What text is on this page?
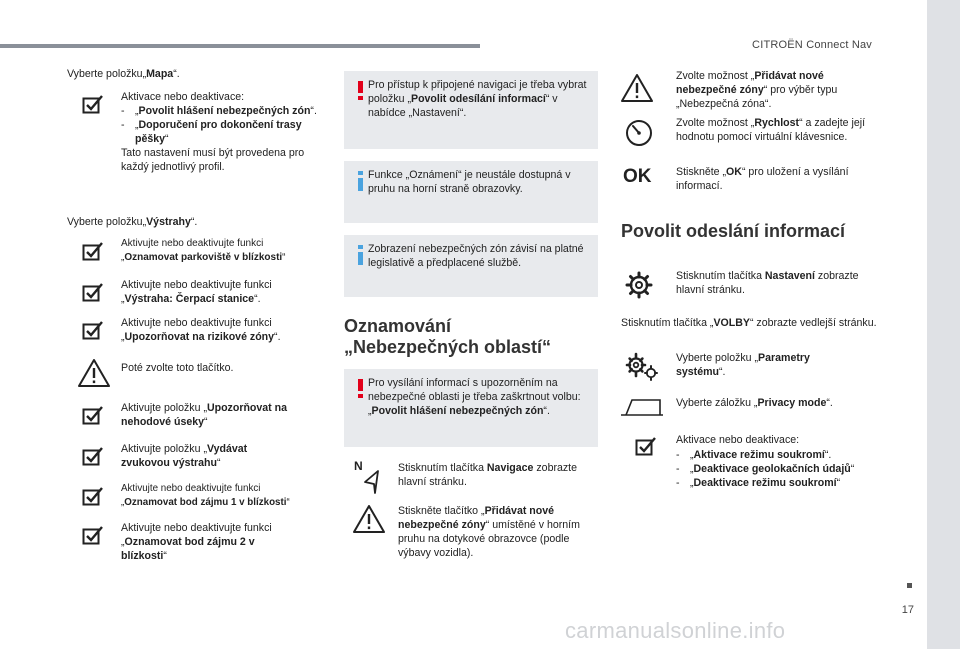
CITROËN Connect Nav
17
carmanualsonline.info
Vyberte položku„Mapa“.
Aktivace nebo deaktivace:
- „Povolit hlášení nebezpečných zón“.
- „Doporučení pro dokončení trasy pěšky“
Tato nastavení musí být provedena pro každý jednotlivý profil.
Vyberte položku„Výstrahy“.
Aktivujte nebo deaktivujte funkci
„Oznamovat parkoviště v blízkosti“
Aktivujte nebo deaktivujte funkci
„Výstraha: Čerpací stanice“.
Aktivujte nebo deaktivujte funkci
„Upozorňovat na rizikové zóny“.
Poté zvolte toto tlačítko.
Aktivujte položku „Upozorňovat na nehodové úseky“
Aktivujte položku „Vydávat zvukovou výstrahu“
Aktivujte nebo deaktivujte funkci
„Oznamovat bod zájmu 1 v blízkosti“
Aktivujte nebo deaktivujte funkci
„Oznamovat bod zájmu 2 v blízkosti“
Pro přístup k připojené navigaci je třeba vybrat položku „Povolit odesílání informací“ v nabídce „Nastavení“.
Funkce „Oznámení“ je neustále dostupná v pruhu na horní straně obrazovky.
Zobrazení nebezpečných zón závisí na platné legislativě a předplacené službě.
Oznamování
„Nebezpečných oblastí“
Pro vysílání informací s upozorněním na nebezpečné oblasti je třeba zaškrtnout volbu: „Povolit hlášení nebezpečných zón“.
N	Stisknutím tlačítka Navigace zobrazte hlavní stránku.
Stiskněte tlačítko „Přidávat nové nebezpečné zóny“ umístěné v horním pruhu na dotykové obrazovce (podle výbavy vozidla).
Zvolte možnost „Přidávat nové nebezpečné zóny“ pro výběr typu „Nebezpečná zóna“.
Zvolte možnost „Rychlost“ a zadejte její hodnotu pomocí virtuální klávesnice.
OK Stiskněte „OK“ pro uložení a vysílání informací.
Povolit odeslání informací
Stisknutím tlačítka Nastavení zobrazte hlavní stránku.
Stisknutím tlačítka „VOLBY“ zobrazte vedlejší stránku.
Vyberte položku „Parametry systému“.
Vyberte záložku „Privacy mode“.
Aktivace nebo deaktivace:
- „Aktivace režimu soukromí“.
- „Deaktivace geolokačních údajů“
- „Deaktivace režimu soukromí“
